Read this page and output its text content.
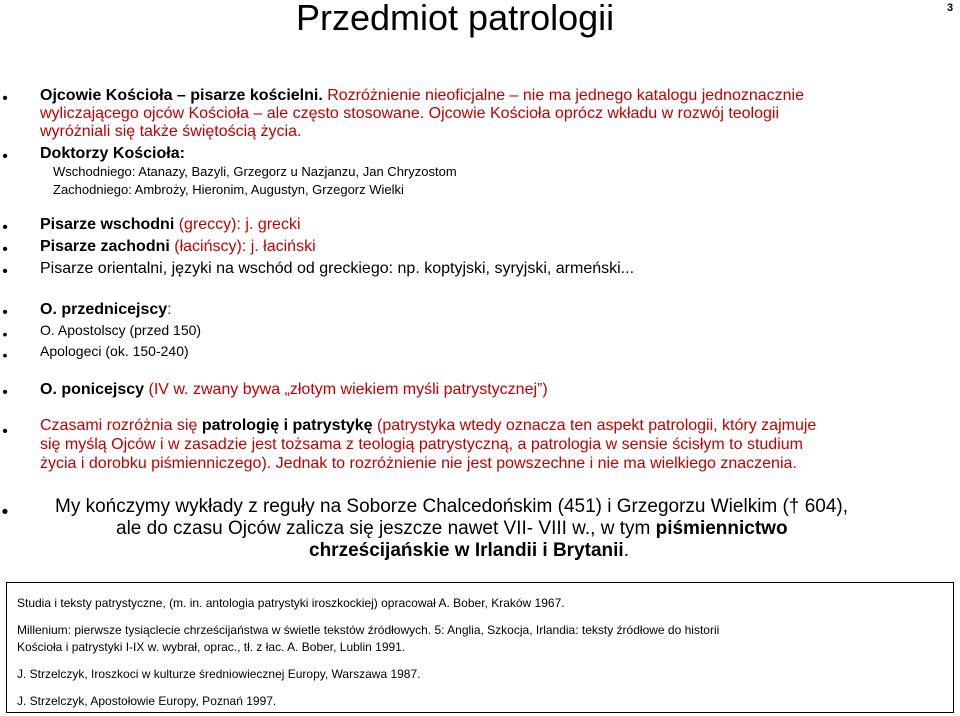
Przedmiot patrologii	3
• Ojcowie Kościoła – pisarze kościelni. Rozróżnienie nieoficjalne – nie ma jednego katalogu jednoznacznie
wyliczającego ojców Kościoła – ale często stosowane. Ojcowie Kościoła oprócz wkładu w rozwój teologii
wyróżniali się także świętością życia.
• Doktorzy Kościoła:
Wschodniego: Atanazy, Bazyli, Grzegorz u Nazjanzu, Jan Chryzostom
Zachodniego: Ambroży, Hieronim, Augustyn, Grzegorz Wielki
• Pisarze wschodni (greccy): j. grecki
• Pisarze zachodni (łacińscy): j. łaciński
• Pisarze orientalni, języki na wschód od greckiego: np. koptyjski, syryjski, armeński...
• O. przednicejscy:
• O. Apostolscy (przed 150)
• Apologeci (ok. 150-240)
• O. ponicejscy (IV w. zwany bywa „złotym wiekiem myśli patrystycznej”)
• Czasami rozróżnia się patrologię i patrystykę (patrystyka wtedy oznacza ten aspekt patrologii, który zajmuje
się myślą Ojców i w zasadzie jest tożsama z teologią patrystyczną, a patrologia w sensie ścisłym to studium
życia i dorobku piśmienniczego). Jednak to rozróżnienie nie jest powszechne i nie ma wielkiego znaczenia.
• My kończymy wykłady z reguły na Soborze Chalcedońskim (451) i Grzegorzu Wielkim († 604),
ale do czasu Ojców zalicza się jeszcze nawet VII- VIII w., w tym piśmiennictwo
chrześcijańskie w Irlandii i Brytanii.
Studia i teksty patrystyczne, (m. in. antologia patrystyki iroszkockiej) opracował A. Bober, Kraków 1967.
Millenium: pierwsze tysiąclecie chrześcijaństwa w świetle tekstów źródłowych. 5: Anglia, Szkocja, Irlandia: teksty źródłowe do historii
Kościoła i patrystyki I-IX w. wybrał, oprac., tł. z łac. A. Bober, Lublin 1991.
J. Strzelczyk, Iroszkoci w kulturze średniowiecznej Europy, Warszawa 1987.
J. Strzelczyk, Apostołowie Europy, Poznań 1997.
